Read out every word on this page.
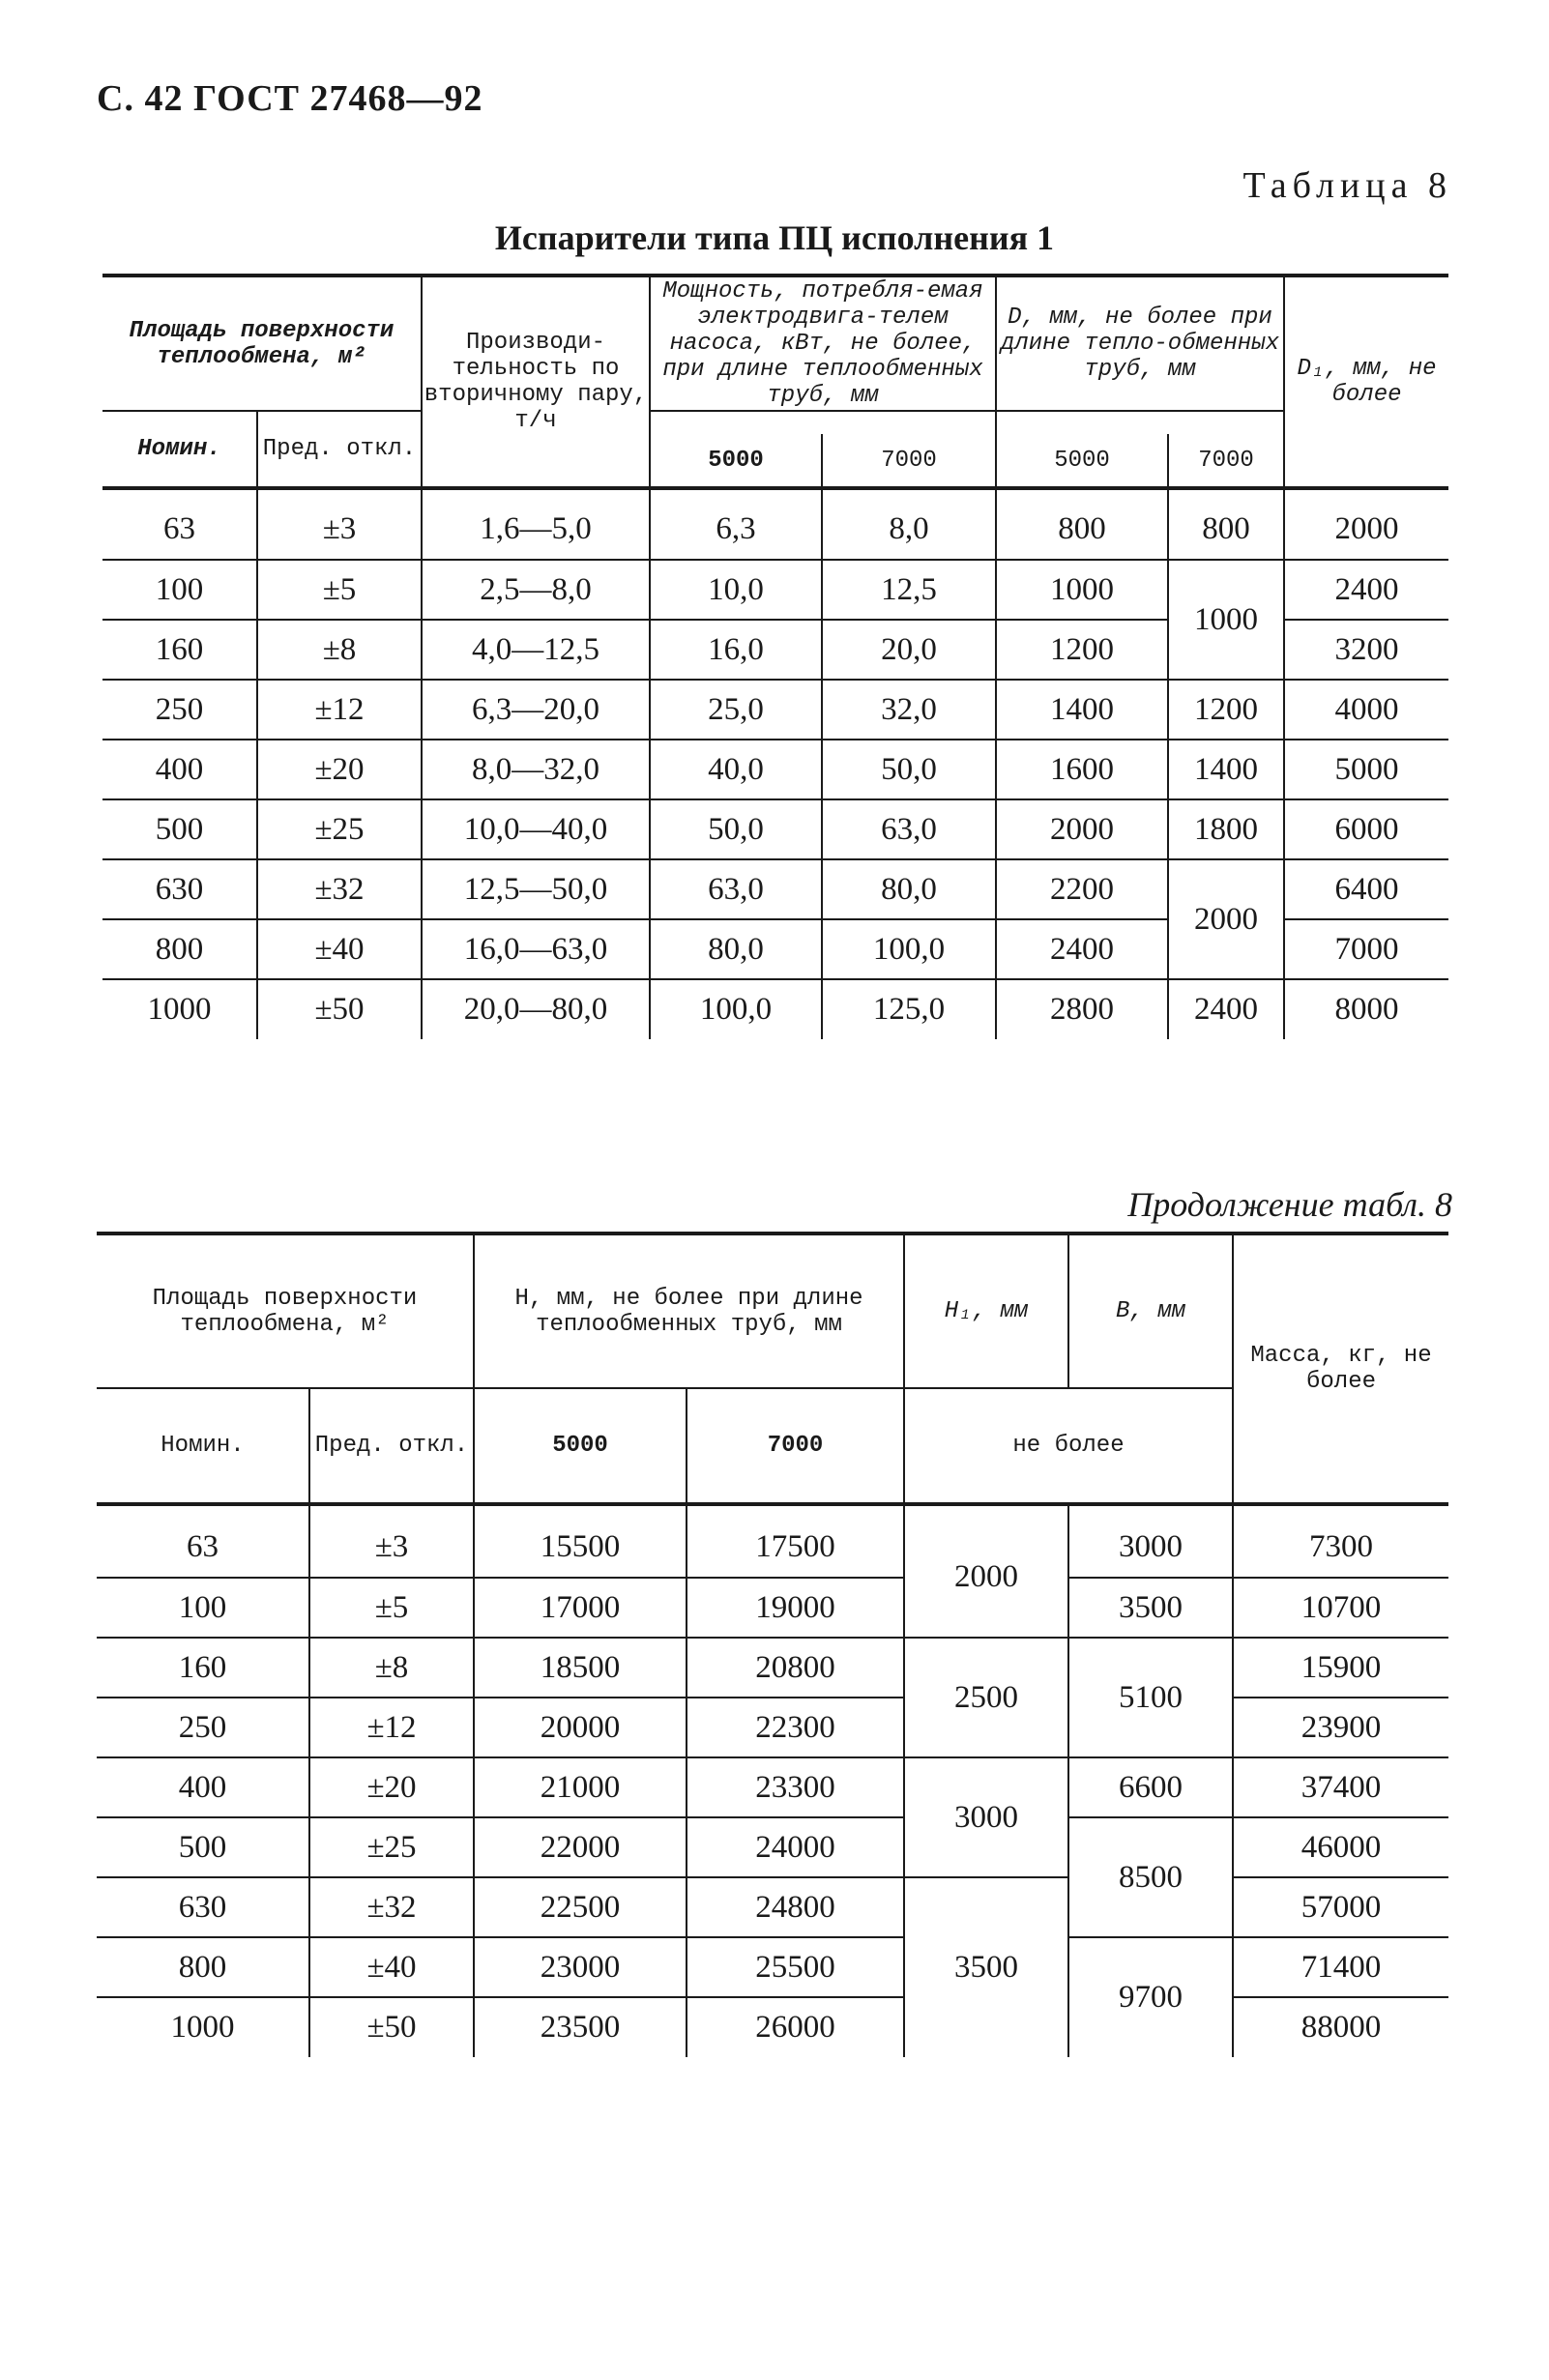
С. 42 ГОСТ 27468—92
Таблица 8
Испарители типа ПЦ исполнения 1
Площадь поверхности теплообмена, м²		Производи-тельность по вторичному пару, т/ч	Мощность, потребля-емая электродвига-телем насоса, кВт, не более, при длине теплообменных труб, мм		D, мм, не более при длине тепло-обменных труб, мм		D₁, мм, не более
Номин.	Пред. откл.						
			5000	7000	5000	7000	

63	±3	1,6—5,0	6,3	8,0	800	800	2000
100	±5	2,5—8,0	10,0	12,5	1000	1000	2400
160	±8	4,0—12,5	16,0	20,0	1200		3200
250	±12	6,3—20,0	25,0	32,0	1400	1200	4000
400	±20	8,0—32,0	40,0	50,0	1600	1400	5000
500	±25	10,0—40,0	50,0	63,0	2000	1800	6000
630	±32	12,5—50,0	63,0	80,0	2200	2000	6400
800	±40	16,0—63,0	80,0	100,0	2400		7000
1000	±50	20,0—80,0	100,0	125,0	2800	2400	8000
Продолжение табл. 8
Площадь поверхности теплообмена, м²		H, мм, не более при длине теплообменных труб, мм		H₁, мм	B, мм	Масса, кг, не более
Номин.	Пред. откл.	5000	7000	не более		

63	±3	15500	17500	2000	3000	7300
100	±5	17000	19000		3500	10700
160	±8	18500	20800	2500	5100	15900
250	±12	20000	22300			23900
400	±20	21000	23300	3000	6600	37400
500	±25	22000	24000		8500	46000
630	±32	22500	24800	3500		57000
800	±40	23000	25500		9700	71400
1000	±50	23500	26000			88000
